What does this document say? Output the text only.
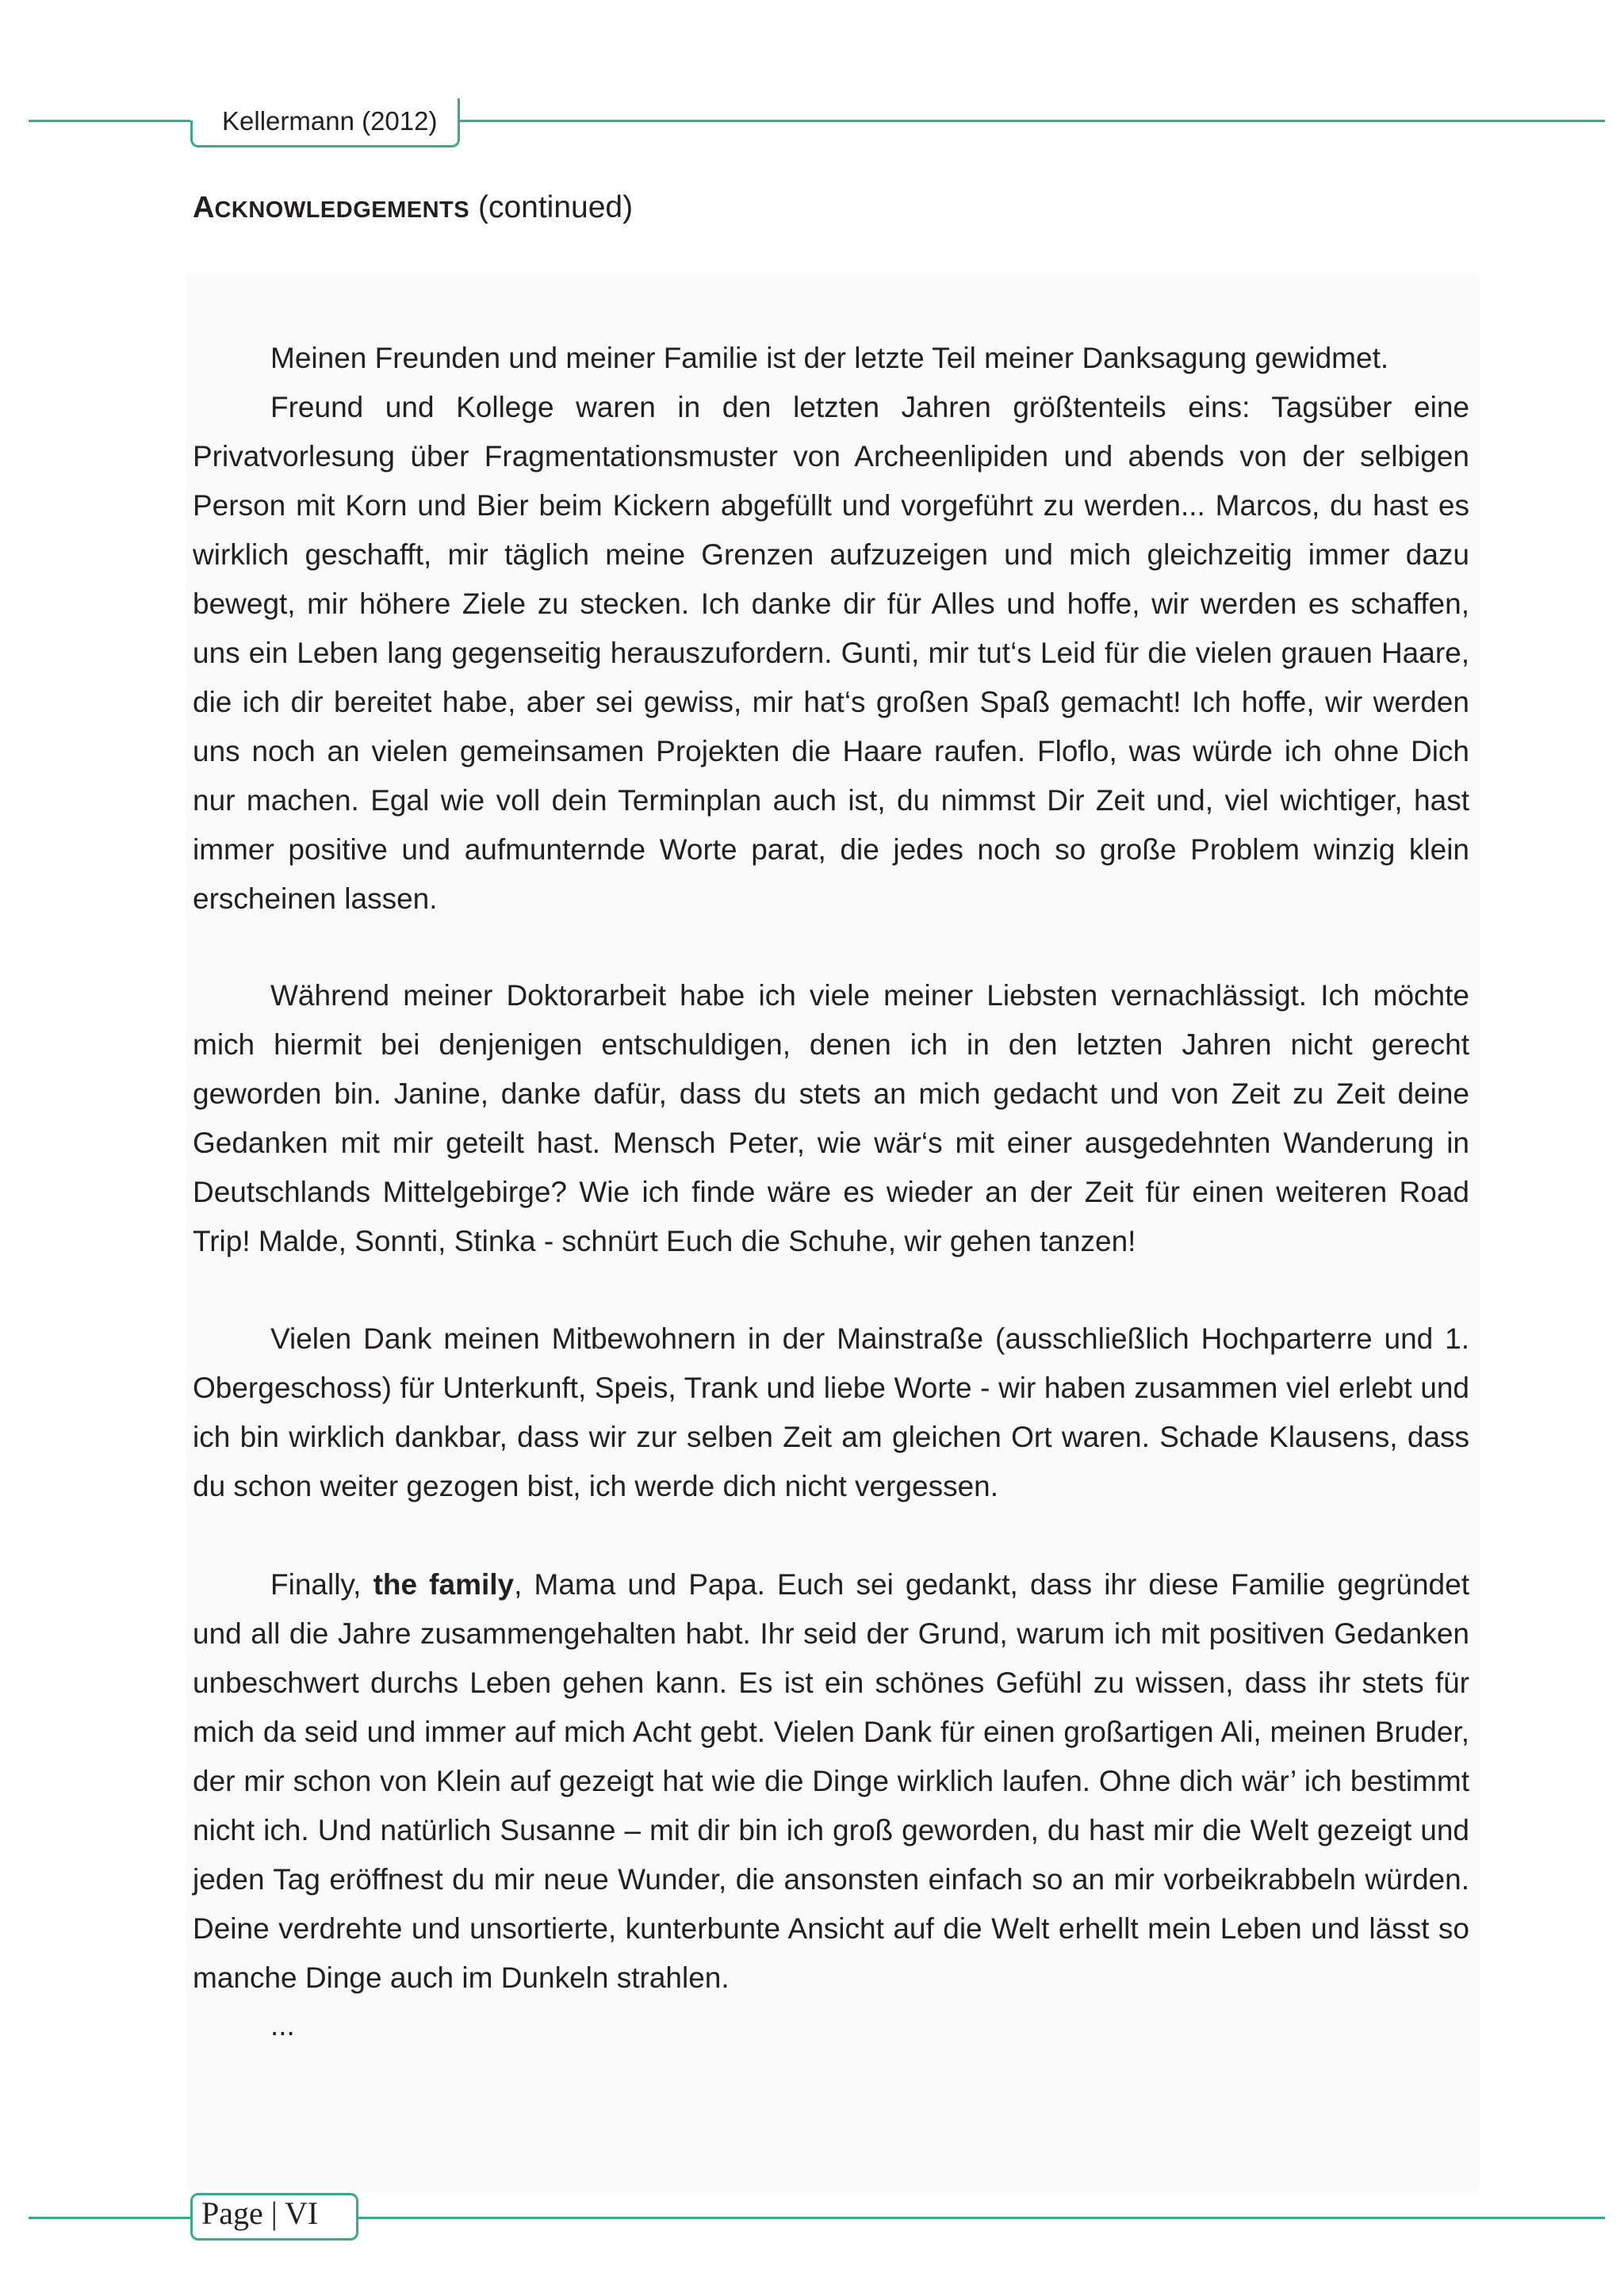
Kellermann (2012)
ACKNOWLEDGEMENTS (continued)

Meinen Freunden und meiner Familie ist der letzte Teil meiner Danksagung gewidmet.

Freund und Kollege waren in den letzten Jahren größtenteils eins: Tagsüber eine Privatvorlesung über Fragmentationsmuster von Archeenlipiden und abends von der selbigen Person mit Korn und Bier beim Kickern abgefüllt und vorgeführt zu werden... Marcos, du hast es wirklich geschafft, mir täglich meine Grenzen aufzuzeigen und mich gleichzeitig immer dazu bewegt, mir höhere Ziele zu stecken. Ich danke dir für Alles und hoffe, wir werden es schaffen, uns ein Leben lang gegenseitig herauszufordern. Gunti, mir tut‘s Leid für die vielen grauen Haare, die ich dir bereitet habe, aber sei gewiss, mir hat‘s großen Spaß gemacht! Ich hoffe, wir werden uns noch an vielen gemeinsamen Projekten die Haare raufen. Floflo, was würde ich ohne Dich nur machen. Egal wie voll dein Terminplan auch ist, du nimmst Dir Zeit und, viel wichtiger, hast immer positive und aufmunternde Worte parat, die jedes noch so große Problem winzig klein erscheinen lassen.

Während meiner Doktorarbeit habe ich viele meiner Liebsten vernachlässigt. Ich möchte mich hiermit bei denjenigen entschuldigen, denen ich in den letzten Jahren nicht gerecht geworden bin. Janine, danke dafür, dass du stets an mich gedacht und von Zeit zu Zeit deine Gedanken mit mir geteilt hast. Mensch Peter, wie wär‘s mit einer ausgedehnten Wanderung in Deutschlands Mittelgebirge? Wie ich finde wäre es wieder an der Zeit für einen weiteren Road Trip! Malde, Sonnti, Stinka - schnürt Euch die Schuhe, wir gehen tanzen!

Vielen Dank meinen Mitbewohnern in der Mainstraße (ausschließlich Hochparterre und 1. Obergeschoss) für Unterkunft, Speis, Trank und liebe Worte - wir haben zusammen viel erlebt und ich bin wirklich dankbar, dass wir zur selben Zeit am gleichen Ort waren. Schade Klausens, dass du schon weiter gezogen bist, ich werde dich nicht vergessen.

Finally, the family, Mama und Papa. Euch sei gedankt, dass ihr diese Familie gegründet und all die Jahre zusammengehalten habt. Ihr seid der Grund, warum ich mit positiven Gedanken unbeschwert durchs Leben gehen kann. Es ist ein schönes Gefühl zu wissen, dass ihr stets für mich da seid und immer auf mich Acht gebt. Vielen Dank für einen großartigen Ali, meinen Bruder, der mir schon von Klein auf gezeigt hat wie die Dinge wirklich laufen. Ohne dich wär’ ich bestimmt nicht ich. Und natürlich Susanne – mit dir bin ich groß geworden, du hast mir die Welt gezeigt und jeden Tag eröffnest du mir neue Wunder, die ansonsten einfach so an mir vorbeikrabbeln würden. Deine verdrehte und unsortierte, kunterbunte Ansicht auf die Welt erhellt mein Leben und lässt so manche Dinge auch im Dunkeln strahlen.

...

Page | VI
